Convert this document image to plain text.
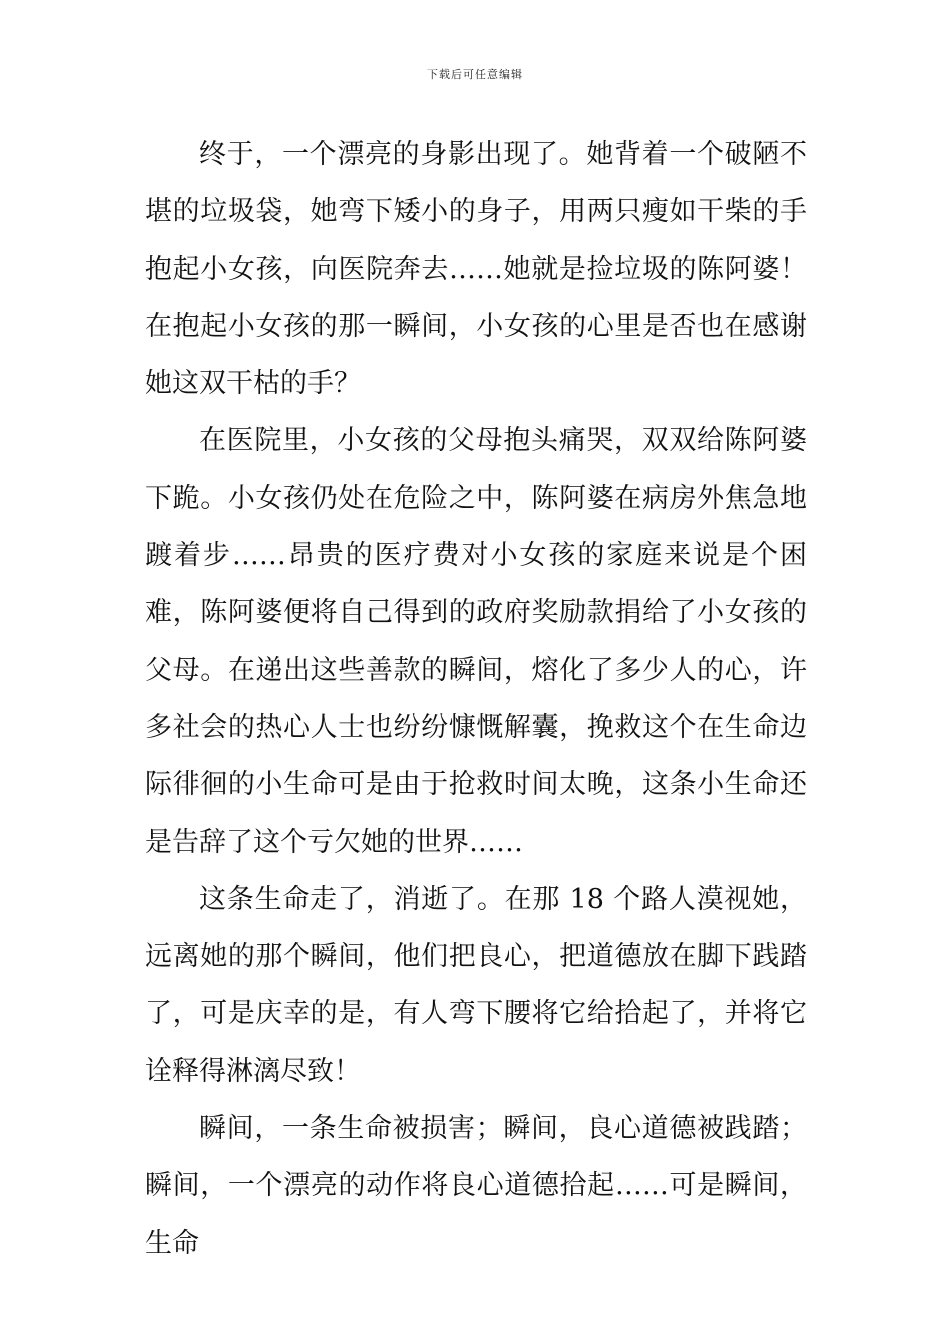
下载后可任意编辑

终于，一个漂亮的身影出现了。她背着一个破陋不堪的垃圾袋，她弯下矮小的身子，用两只瘦如干柴的手抱起小女孩，向医院奔去……她就是捡垃圾的陈阿婆！在抱起小女孩的那一瞬间，小女孩的心里是否也在感谢她这双干枯的手？

在医院里，小女孩的父母抱头痛哭，双双给陈阿婆下跪。小女孩仍处在危险之中，陈阿婆在病房外焦急地踱着步……昂贵的医疗费对小女孩的家庭来说是个困难，陈阿婆便将自己得到的政府奖励款捐给了小女孩的父母。在递出这些善款的瞬间，熔化了多少人的心，许多社会的热心人士也纷纷慷慨解囊，挽救这个在生命边际徘徊的小生命可是由于抢救时间太晚，这条小生命还是告辞了这个亏欠她的世界……

这条生命走了，消逝了。在那 18 个路人漠视她，远离她的那个瞬间，他们把良心，把道德放在脚下践踏了，可是庆幸的是，有人弯下腰将它给拾起了，并将它诠释得淋漓尽致！

瞬间，一条生命被损害；瞬间，良心道德被践踏；瞬间，一个漂亮的动作将良心道德拾起……可是瞬间，生命
